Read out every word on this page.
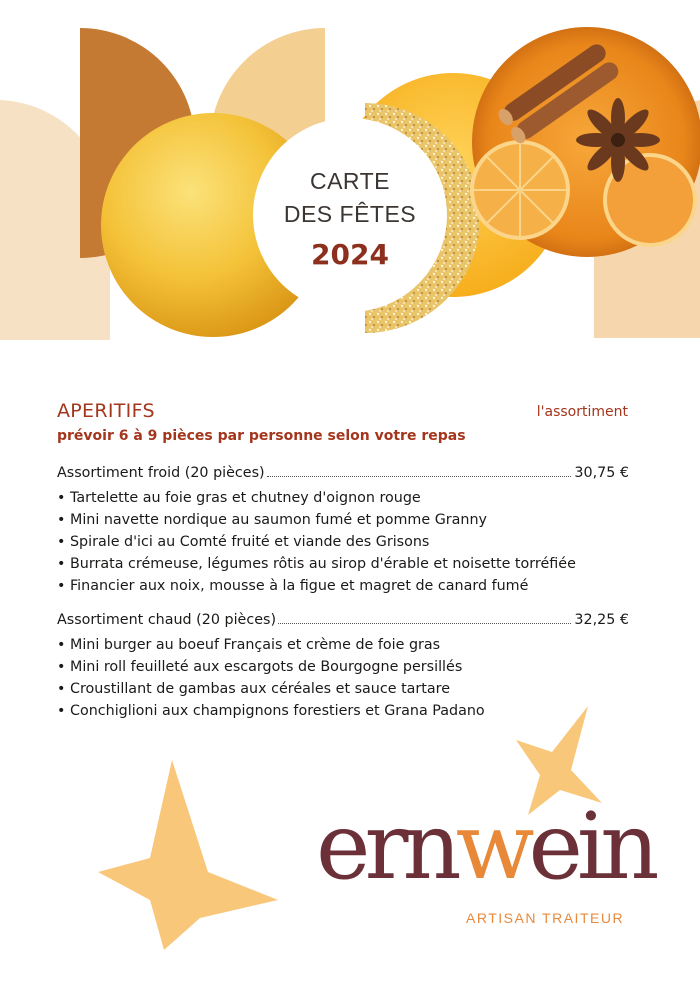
CARTE
DES FÊTES
2024
APERITIFS	l'assortiment
prévoir 6 à 9 pièces par personne selon votre repas
Assortiment froid (20 pièces)	30,75 €
• Tartelette au foie gras et chutney d'oignon rouge
• Mini navette nordique au saumon fumé et pomme Granny
• Spirale d'ici au Comté fruité et viande des Grisons
• Burrata crémeuse, légumes rôtis au sirop d'érable et noisette torréfiée
• Financier aux noix, mousse à la figue et magret de canard fumé
Assortiment chaud (20 pièces)	32,25 €
• Mini burger au boeuf Français et crème de foie gras
• Mini roll feuilleté aux escargots de Bourgogne persillés
• Croustillant de gambas aux céréales et sauce tartare
• Conchiglioni aux champignons forestiers et Grana Padano
ernwein
ARTISAN TRAITEUR
